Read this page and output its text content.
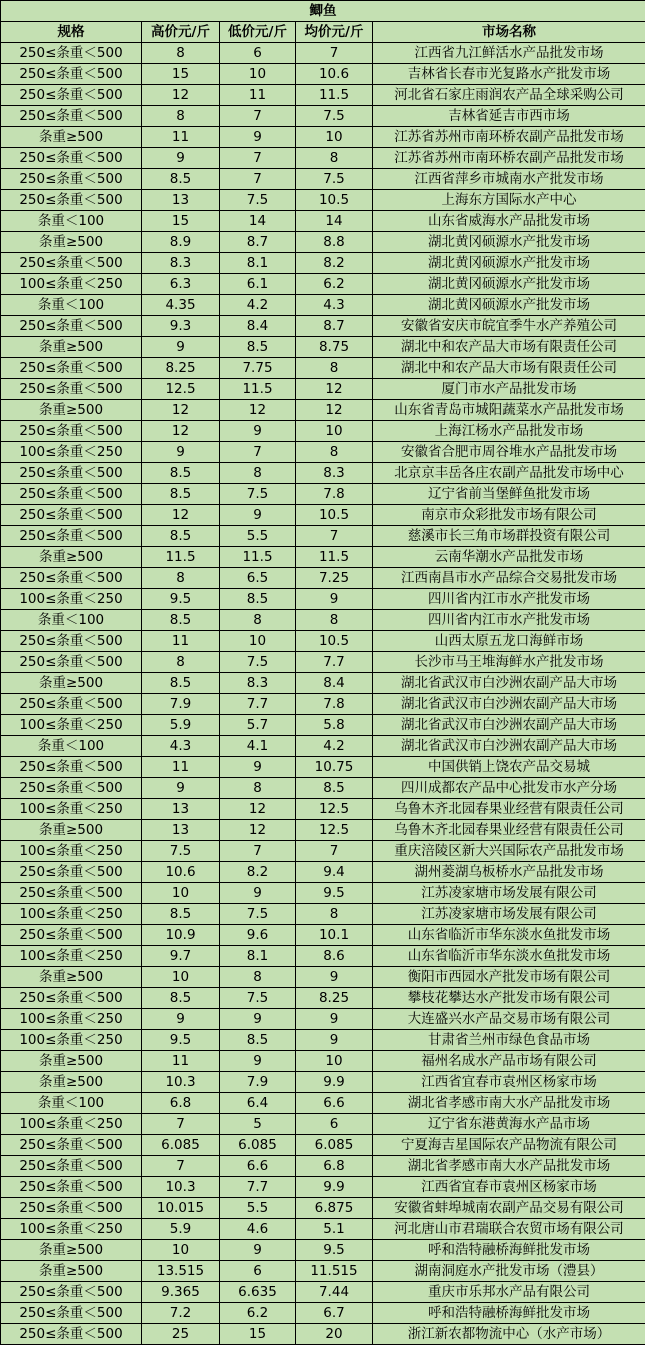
鲫鱼				
规格	高价元/斤	低价元/斤	均价元/斤	市场名称
250≤条重＜500	8	6	7	江西省九江鲜活水产品批发市场
250≤条重＜500	15	10	10.6	吉林省长春市光复路水产批发市场
250≤条重＜500	12	11	11.5	河北省石家庄雨润农产品全球采购公司
250≤条重＜500	8	7	7.5	吉林省延吉市西市场
条重≥500	11	9	10	江苏省苏州市南环桥农副产品批发市场
250≤条重＜500	9	7	8	江苏省苏州市南环桥农副产品批发市场
250≤条重＜500	8.5	7	7.5	江西省萍乡市城南水产批发市场
250≤条重＜500	13	7.5	10.5	上海东方国际水产中心
条重＜100	15	14	14	山东省威海水产品批发市场
条重≥500	8.9	8.7	8.8	湖北黄冈硕源水产批发市场
250≤条重＜500	8.3	8.1	8.2	湖北黄冈硕源水产批发市场
100≤条重＜250	6.3	6.1	6.2	湖北黄冈硕源水产批发市场
条重＜100	4.35	4.2	4.3	湖北黄冈硕源水产批发市场
250≤条重＜500	9.3	8.4	8.7	安徽省安庆市皖宜季牛水产养殖公司
条重≥500	9	8.5	8.75	湖北中和农产品大市场有限责任公司
250≤条重＜500	8.25	7.75	8	湖北中和农产品大市场有限责任公司
250≤条重＜500	12.5	11.5	12	厦门市水产品批发市场
条重≥500	12	12	12	山东省青岛市城阳蔬菜水产品批发市场
250≤条重＜500	12	9	10	上海江杨水产品批发市场
100≤条重＜250	9	7	8	安徽省合肥市周谷堆水产品批发市场
250≤条重＜500	8.5	8	8.3	北京京丰岳各庄农副产品批发市场中心
250≤条重＜500	8.5	7.5	7.8	辽宁省前当堡鲜鱼批发市场
250≤条重＜500	12	9	10.5	南京市众彩批发市场有限公司
250≤条重＜500	8.5	5.5	7	慈溪市长三角市场群投资有限公司
条重≥500	11.5	11.5	11.5	云南华潮水产品批发市场
250≤条重＜500	8	6.5	7.25	江西南昌市水产品综合交易批发市场
100≤条重＜250	9.5	8.5	9	四川省内江市水产批发市场
条重＜100	8.5	8	8	四川省内江市水产批发市场
250≤条重＜500	11	10	10.5	山西太原五龙口海鲜市场
250≤条重＜500	8	7.5	7.7	长沙市马王堆海鲜水产批发市场
条重≥500	8.5	8.3	8.4	湖北省武汉市白沙洲农副产品大市场
250≤条重＜500	7.9	7.7	7.8	湖北省武汉市白沙洲农副产品大市场
100≤条重＜250	5.9	5.7	5.8	湖北省武汉市白沙洲农副产品大市场
条重＜100	4.3	4.1	4.2	湖北省武汉市白沙洲农副产品大市场
250≤条重＜500	11	9	10.75	中国供销上饶农产品交易城
250≤条重＜500	9	8	8.5	四川成都农产品中心批发市水产分场
100≤条重＜250	13	12	12.5	乌鲁木齐北园春果业经营有限责任公司
条重≥500	13	12	12.5	乌鲁木齐北园春果业经营有限责任公司
100≤条重＜250	7.5	7	7	重庆涪陵区新大兴国际农产品批发市场
250≤条重＜500	10.6	8.2	9.4	湖州菱湖乌板桥水产品批发市场
250≤条重＜500	10	9	9.5	江苏凌家塘市场发展有限公司
100≤条重＜250	8.5	7.5	8	江苏凌家塘市场发展有限公司
250≤条重＜500	10.9	9.6	10.1	山东省临沂市华东淡水鱼批发市场
100≤条重＜250	9.7	8.1	8.6	山东省临沂市华东淡水鱼批发市场
条重≥500	10	8	9	衡阳市西园水产批发市场有限公司
250≤条重＜500	8.5	7.5	8.25	攀枝花攀达水产批发市场有限公司
100≤条重＜250	9	9	9	大连盛兴水产品交易市场有限公司
100≤条重＜250	9.5	8.5	9	甘肃省兰州市绿色食品市场
条重≥500	11	9	10	福州名成水产品市场有限公司
条重≥500	10.3	7.9	9.9	江西省宜春市袁州区杨家市场
条重＜100	6.8	6.4	6.6	湖北省孝感市南大水产品批发市场
100≤条重＜250	7	5	6	辽宁省东港黄海水产品市场
250≤条重＜500	6.085	6.085	6.085	宁夏海吉星国际农产品物流有限公司
250≤条重＜500	7	6.6	6.8	湖北省孝感市南大水产品批发市场
250≤条重＜500	10.3	7.7	9.9	江西省宜春市袁州区杨家市场
250≤条重＜500	10.015	5.5	6.875	安徽省蚌埠城南农副产品交易有限公司
100≤条重＜250	5.9	4.6	5.1	河北唐山市君瑞联合农贸市场有限公司
条重≥500	10	9	9.5	呼和浩特融桥海鲜批发市场
条重≥500	13.515	6	11.515	湖南洞庭水产批发市场（澧县）
250≤条重＜500	9.365	6.635	7.44	重庆市乐邦水产品有限公司
250≤条重＜500	7.2	6.2	6.7	呼和浩特融桥海鲜批发市场
250≤条重＜500	25	15	20	浙江新农都物流中心（水产市场）
